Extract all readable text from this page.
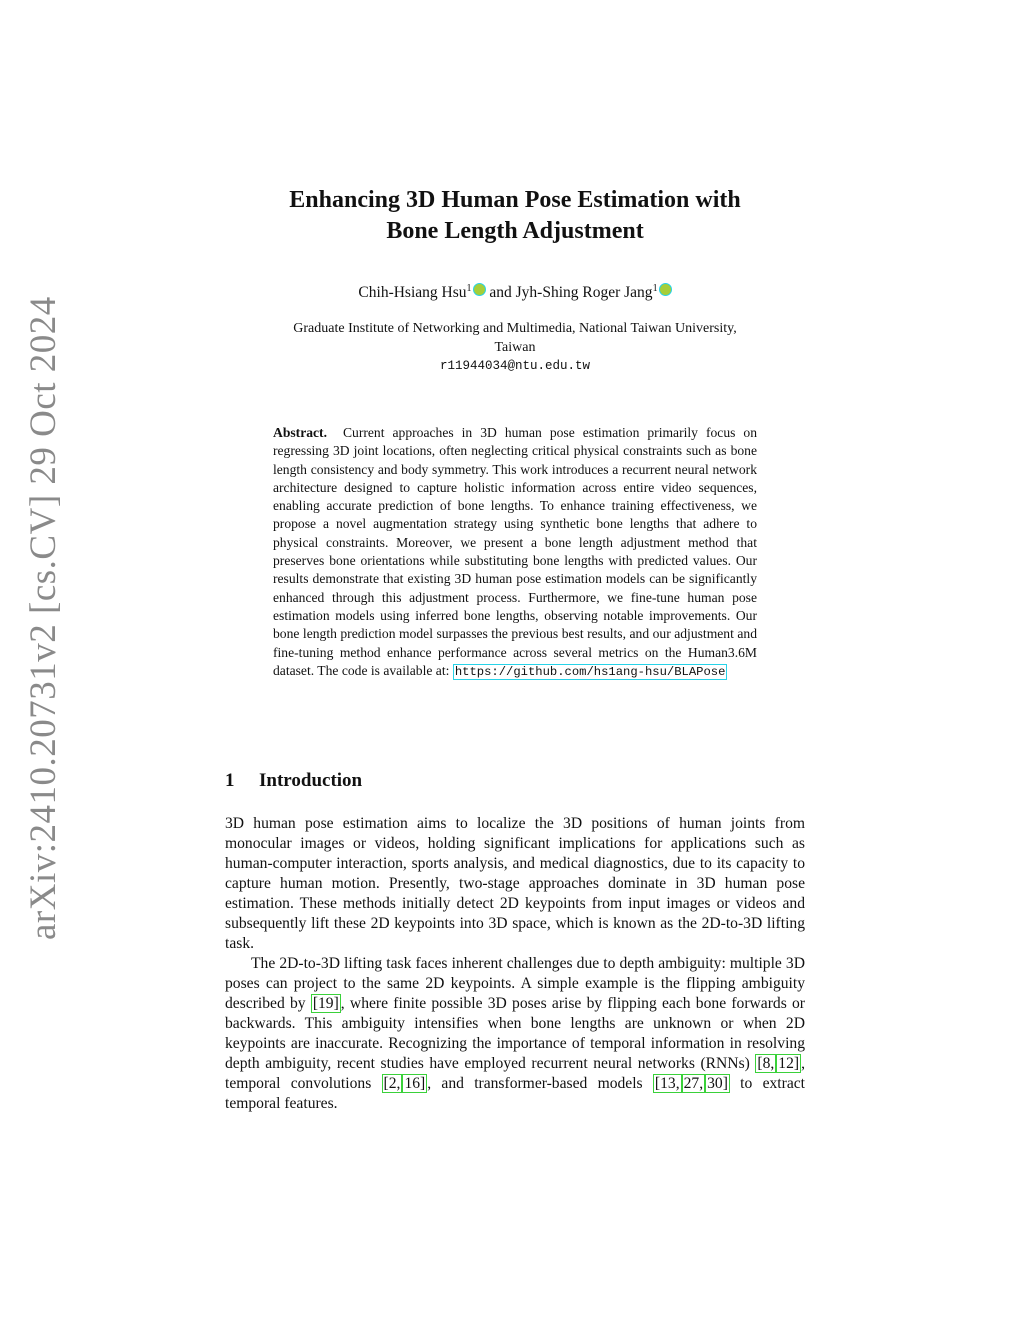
arXiv:2410.20731v2 [cs.CV] 29 Oct 2024
Enhancing 3D Human Pose Estimation with
Bone Length Adjustment
Chih-Hsiang Hsu$^1$ and Jyh-Shing Roger Jang$^1$
Graduate Institute of Networking and Multimedia, National Taiwan University,
Taiwan
r11944034@ntu.edu.tw
Abstract. Current approaches in 3D human pose estimation primarily focus on regressing 3D joint locations, often neglecting critical physical constraints such as bone length consistency and body symmetry. This work introduces a recurrent neural network architecture designed to capture holistic information across entire video sequences, enabling accurate prediction of bone lengths. To enhance training effectiveness, we propose a novel augmentation strategy using synthetic bone lengths that adhere to physical constraints. Moreover, we present a bone length adjustment method that preserves bone orientations while substituting bone lengths with predicted values. Our results demonstrate that existing 3D human pose estimation models can be significantly enhanced through this adjustment process. Furthermore, we fine-tune human pose estimation models using inferred bone lengths, observing notable improvements. Our bone length prediction model surpasses the previous best results, and our adjustment and fine-tuning method enhance performance across several metrics on the Human3.6M dataset. The code is available at: https://github.com/hs1ang-hsu/BLAPose
1 Introduction
3D human pose estimation aims to localize the 3D positions of human joints from monocular images or videos, holding significant implications for applications such as human-computer interaction, sports analysis, and medical diagnostics, due to its capacity to capture human motion. Presently, two-stage approaches dominate in 3D human pose estimation. These methods initially detect 2D keypoints from input images or videos and subsequently lift these 2D keypoints into 3D space, which is known as the 2D-to-3D lifting task.
The 2D-to-3D lifting task faces inherent challenges due to depth ambiguity: multiple 3D poses can project to the same 2D keypoints. A simple example is the flipping ambiguity described by [19] , where finite possible 3D poses arise by flipping each bone forwards or backwards. This ambiguity intensifies when bone lengths are unknown or when 2D keypoints are inaccurate. Recognizing the importance of temporal information in resolving depth ambiguity, recent studies have employed recurrent neural networks (RNNs) [8, 12] , temporal convolutions [2, 16] , and transformer-based models [13, 27, 30] to extract temporal features.
